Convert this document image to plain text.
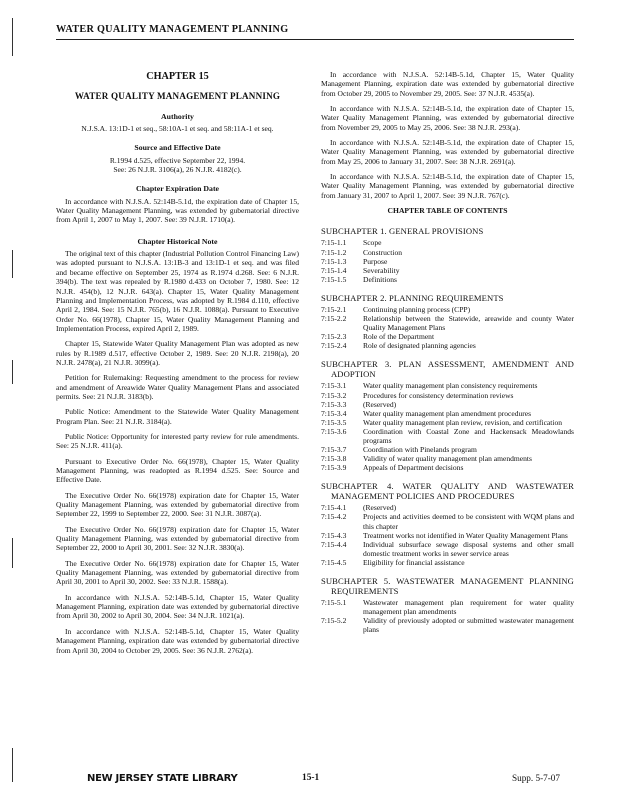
WATER QUALITY MANAGEMENT PLANNING
CHAPTER 15
WATER QUALITY MANAGEMENT PLANNING
Authority
N.J.S.A. 13:1D-1 et seq., 58:10A-1 et seq. and 58:11A-1 et seq.
Source and Effective Date
R.1994 d.525, effective September 22, 1994.
See: 26 N.J.R. 3106(a), 26 N.J.R. 4182(c).
Chapter Expiration Date

In accordance with N.J.S.A. 52:14B-5.1d, the expiration date of Chapter 15, Water Quality Management Planning, was extended by gubernatorial directive from April 1, 2007 to May 1, 2007. See: 39 N.J.R. 1710(a).

Chapter Historical Note

The original text of this chapter (Industrial Pollution Control Financing Law) was adopted pursuant to N.J.S.A. 13:1B-3 and 13:1D-1 et seq. and was filed and became effective on September 25, 1974 as R.1974 d.268. See: 6 N.J.R. 394(b). The text was repealed by R.1980 d.433 on October 7, 1980. See: 12 N.J.R. 454(b), 12 N.J.R. 643(a). Chapter 15, Water Quality Management Planning and Implementation Process, was adopted by R.1984 d.110, effective April 2, 1984. See: 15 N.J.R. 765(b), 16 N.J.R. 1088(a). Pursuant to Executive Order No. 66(1978), Chapter 15, Water Quality Management Planning and Implementation Process, expired April 2, 1989.

Chapter 15, Statewide Water Quality Management Plan was adopted as new rules by R.1989 d.517, effective October 2, 1989. See: 20 N.J.R. 2198(a), 20 N.J.R. 2478(a), 21 N.J.R. 3099(a).

Petition for Rulemaking: Requesting amendment to the process for review and amendment of Areawide Water Quality Management Plans and associated permits. See: 21 N.J.R. 3183(b).

Public Notice: Amendment to the Statewide Water Quality Management Program Plan. See: 21 N.J.R. 3184(a).

Public Notice: Opportunity for interested party review for rule amendments. See: 25 N.J.R. 411(a).

Pursuant to Executive Order No. 66(1978), Chapter 15, Water Quality Management Planning, was readopted as R.1994 d.525. See: Source and Effective Date.

The Executive Order No. 66(1978) expiration date for Chapter 15, Water Quality Management Planning, was extended by gubernatorial directive from September 22, 1999 to September 22, 2000. See: 31 N.J.R. 3087(a).

The Executive Order No. 66(1978) expiration date for Chapter 15, Water Quality Management Planning, was extended by gubernatorial directive from September 22, 2000 to April 30, 2001. See: 32 N.J.R. 3830(a).

The Executive Order No. 66(1978) expiration date for Chapter 15, Water Quality Management Planning, was extended by gubernatorial directive from April 30, 2001 to April 30, 2002. See: 33 N.J.R. 1588(a).

In accordance with N.J.S.A. 52:14B-5.1d, Chapter 15, Water Quality Management Planning, expiration date was extended by gubernatorial directive from April 30, 2002 to April 30, 2004. See: 34 N.J.R. 1021(a).

In accordance with N.J.S.A. 52:14B-5.1d, Chapter 15, Water Quality Management Planning, expiration date was extended by gubernatorial directive from April 30, 2004 to October 29, 2005. See: 36 N.J.R. 2762(a).

In accordance with N.J.S.A. 52:14B-5.1d, Chapter 15, Water Quality Management Planning, expiration date was extended by gubernatorial directive from October 29, 2005 to November 29, 2005. See: 37 N.J.R. 4535(a).

In accordance with N.J.S.A. 52:14B-5.1d, the expiration date of Chapter 15, Water Quality Management Planning, was extended by gubernatorial directive from November 29, 2005 to May 25, 2006. See: 38 N.J.R. 293(a).

In accordance with N.J.S.A. 52:14B-5.1d, the expiration date of Chapter 15, Water Quality Management Planning, was extended by gubernatorial directive from May 25, 2006 to January 31, 2007. See: 38 N.J.R. 2691(a).

In accordance with N.J.S.A. 52:14B-5.1d, the expiration date of Chapter 15, Water Quality Management Planning, was extended by gubernatorial directive from January 31, 2007 to April 1, 2007. See: 39 N.J.R. 767(c).

CHAPTER TABLE OF CONTENTS
SUBCHAPTER 1. GENERAL PROVISIONS
7:15-1.1	Scope
7:15-1.2	Construction
7:15-1.3	Purpose
7:15-1.4	Severability
7:15-1.5	Definitions
SUBCHAPTER 2. PLANNING REQUIREMENTS
7:15-2.1	Continuing planning process (CPP)
7:15-2.2	Relationship between the Statewide, areawide and county Water Quality Management Plans
7:15-2.3	Role of the Department
7:15-2.4	Role of designated planning agencies
SUBCHAPTER 3. PLAN ASSESSMENT, AMENDMENT AND ADOPTION
7:15-3.1	Water quality management plan consistency requirements
7:15-3.2	Procedures for consistency determination reviews
7:15-3.3	(Reserved)
7:15-3.4	Water quality management plan amendment procedures
7:15-3.5	Water quality management plan review, revision, and certification
7:15-3.6	Coordination with Coastal Zone and Hackensack Meadowlands programs
7:15-3.7	Coordination with Pinelands program
7:15-3.8	Validity of water quality management plan amendments
7:15-3.9	Appeals of Department decisions
SUBCHAPTER 4. WATER QUALITY AND WASTEWATER MANAGEMENT POLICIES AND PROCEDURES
7:15-4.1	(Reserved)
7:15-4.2	Projects and activities deemed to be consistent with WQM plans and this chapter
7:15-4.3	Treatment works not identified in Water Quality Management Plans
7:15-4.4	Individual subsurface sewage disposal systems and other small domestic treatment works in sewer service areas
7:15-4.5	Eligibility for financial assistance
SUBCHAPTER 5. WASTEWATER MANAGEMENT PLANNING REQUIREMENTS
7:15-5.1	Wastewater management plan requirement for water quality management plan amendments
7:15-5.2	Validity of previously adopted or submitted wastewater management plans
NEW JERSEY STATE LIBRARY	15-1	Supp. 5-7-07
